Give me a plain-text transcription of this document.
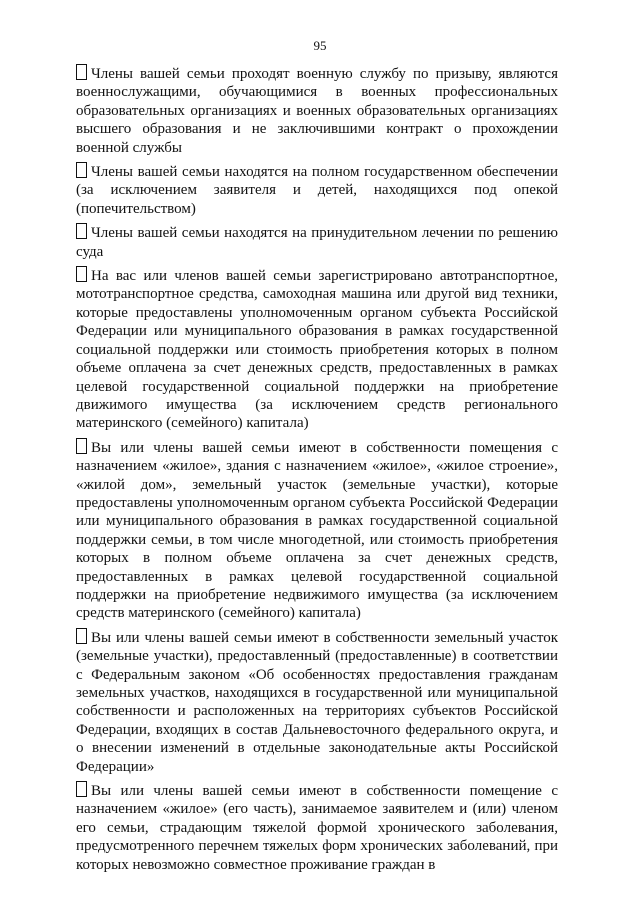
95
Члены вашей семьи проходят военную службу по призыву, являются военнослужащими, обучающимися в военных профессиональных образовательных организациях и военных образовательных организациях высшего образования и не заключившими контракт о прохождении военной службы
Члены вашей семьи находятся на полном государственном обеспечении (за исключением заявителя и детей, находящихся под опекой (попечительством)
Члены вашей семьи находятся на принудительном лечении по решению суда
На вас или членов вашей семьи зарегистрировано автотранспортное, мототранспортное средства, самоходная машина или другой вид техники, которые предоставлены уполномоченным органом субъекта Российской Федерации или муниципального образования в рамках государственной социальной поддержки или стоимость приобретения которых в полном объеме оплачена за счет денежных средств, предоставленных в рамках целевой государственной социальной поддержки на приобретение движимого имущества (за исключением средств регионального материнского (семейного) капитала)
Вы или члены вашей семьи имеют в собственности помещения с назначением «жилое», здания с назначением «жилое», «жилое строение», «жилой дом», земельный участок (земельные участки), которые предоставлены уполномоченным органом субъекта Российской Федерации или муниципального образования в рамках государственной социальной поддержки семьи, в том числе многодетной, или стоимость приобретения которых в полном объеме оплачена за счет денежных средств, предоставленных в рамках целевой государственной социальной поддержки на приобретение недвижимого имущества (за исключением средств материнского (семейного) капитала)
Вы или члены вашей семьи имеют в собственности земельный участок (земельные участки), предоставленный (предоставленные) в соответствии с Федеральным законом «Об особенностях предоставления гражданам земельных участков, находящихся в государственной или муниципальной собственности и расположенных на территориях субъектов Российской Федерации, входящих в состав Дальневосточного федерального округа, и о внесении изменений в отдельные законодательные акты Российской Федерации»
Вы или члены вашей семьи имеют в собственности помещение с назначением «жилое» (его часть), занимаемое заявителем и (или) членом его семьи, страдающим тяжелой формой хронического заболевания, предусмотренного перечнем тяжелых форм хронических заболеваний, при которых невозможно совместное проживание граждан в
